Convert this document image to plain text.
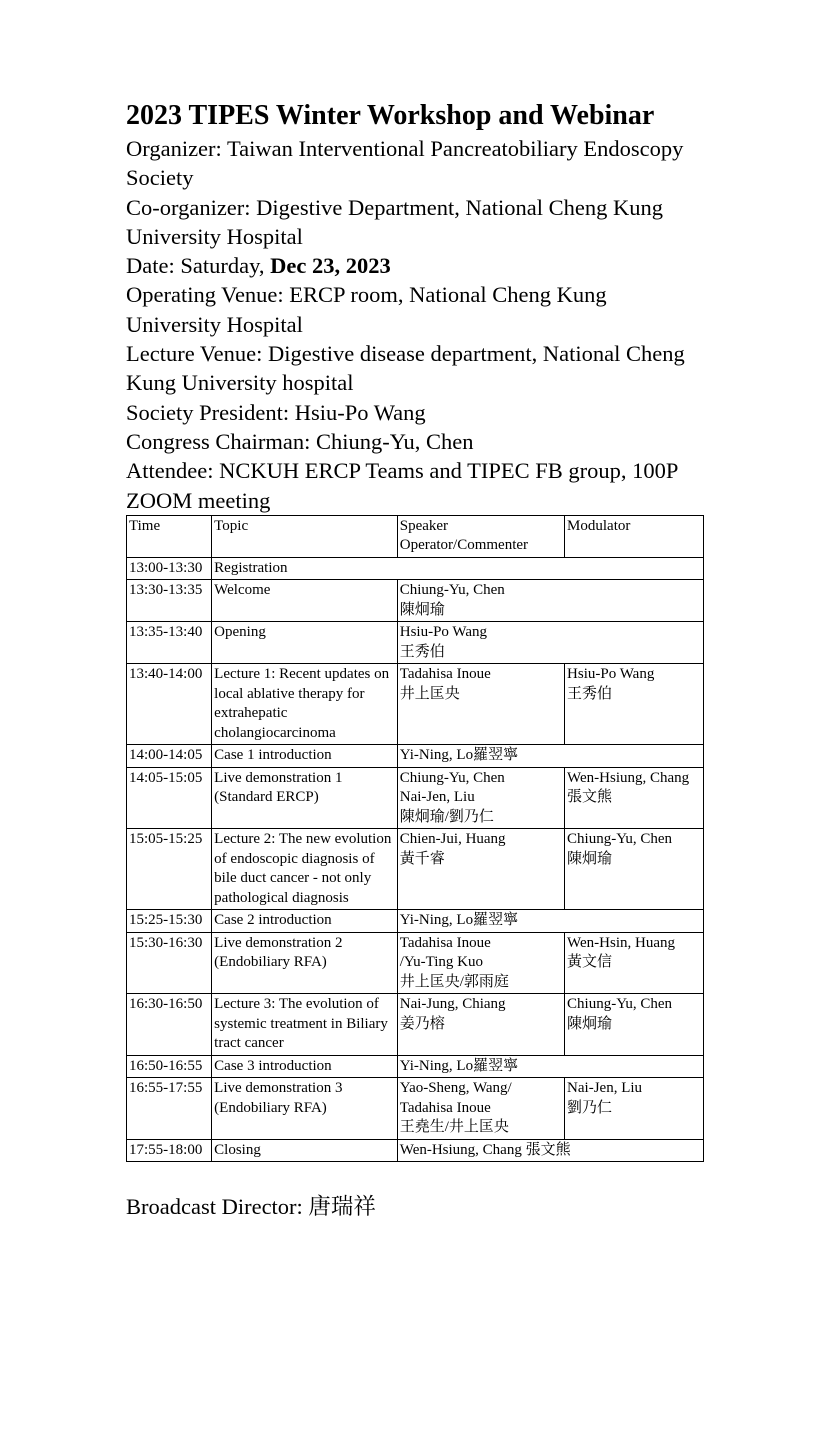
2023 TIPES Winter Workshop and Webinar

Organizer: Taiwan Interventional Pancreatobiliary Endoscopy Society

Co-organizer: Digestive Department, National Cheng Kung University Hospital

Date: Saturday, Dec 23, 2023

Operating Venue: ERCP room, National Cheng Kung University Hospital

Lecture Venue: Digestive disease department, National Cheng Kung University hospital

Society President: Hsiu-Po Wang

Congress Chairman: Chiung-Yu, Chen

Attendee: NCKUH ERCP Teams and TIPEC FB group, 100P ZOOM meeting

Time	Topic	Speaker
Operator/Commenter	Modulator
13:00-13:30	Registration		
13:30-13:35	Welcome	Chiung-Yu, Chen
陳炯瑜	
13:35-13:40	Opening	Hsiu-Po Wang
王秀伯	
13:40-14:00	Lecture 1: Recent updates on local ablative therapy for extrahepatic cholangiocarcinoma	Tadahisa Inoue
井上匡央	Hsiu-Po Wang
王秀伯
14:00-14:05	Case 1 introduction	Yi-Ning, Lo羅翌寧	
14:05-15:05	Live demonstration 1 (Standard ERCP)	Chiung-Yu, Chen
Nai-Jen, Liu
陳炯瑜/劉乃仁	Wen-Hsiung, Chang
張文熊
15:05-15:25	Lecture 2: The new evolution of endoscopic diagnosis of bile duct cancer - not only pathological diagnosis	Chien-Jui, Huang
黃千睿	Chiung-Yu, Chen
陳炯瑜
15:25-15:30	Case 2 introduction	Yi-Ning, Lo羅翌寧	
15:30-16:30	Live demonstration 2 (Endobiliary RFA)	Tadahisa Inoue
/Yu-Ting Kuo
井上匡央/郭雨庭	Wen-Hsin, Huang
黃文信
16:30-16:50	Lecture 3: The evolution of systemic treatment in Biliary tract cancer	Nai-Jung, Chiang
姜乃榕	Chiung-Yu, Chen
陳炯瑜
16:50-16:55	Case 3 introduction	Yi-Ning, Lo羅翌寧	
16:55-17:55	Live demonstration 3 (Endobiliary RFA)	Yao-Sheng, Wang/
Tadahisa Inoue
王堯生/井上匡央	Nai-Jen, Liu
劉乃仁
17:55-18:00	Closing	Wen-Hsiung, Chang 張文熊	
Broadcast Director: 唐瑞祥
